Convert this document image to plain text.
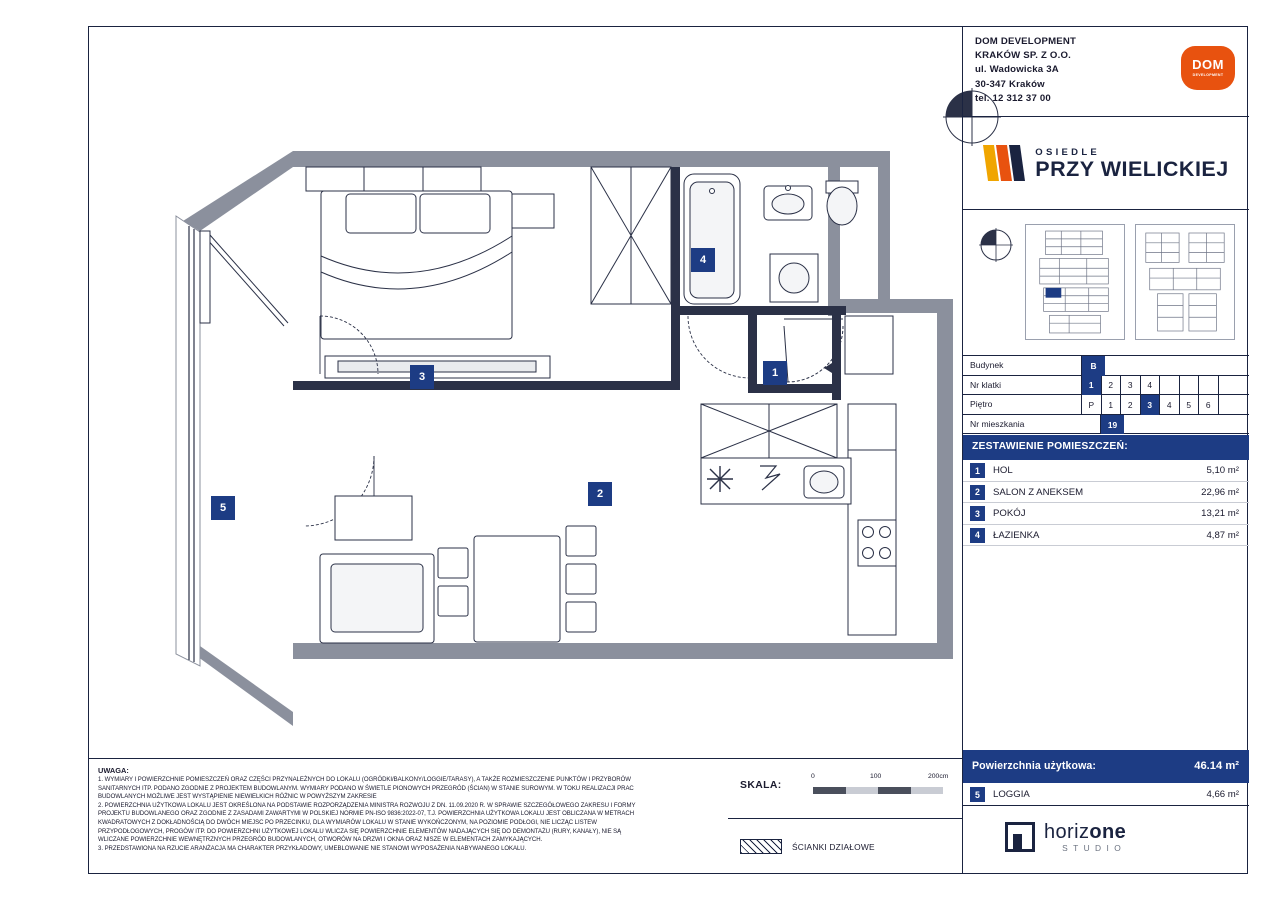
4
1
3
2
5
DOM DEVELOPMENT
KRAKÓW SP. Z O.O.
ul. Wadowicka 3A
30-347 Kraków
tel. 12 312 37 00
DOM
DEVELOPMENT
OSIEDLE
PRZY WIELICKIEJ
Budynek	B
Nr klatki	1	2	3	4
Piętro	P	1	2	3	4	5	6
Nr mieszkania	19
ZESTAWIENIE POMIESZCZEŃ:
1	HOL	5,10 m²
2	SALON Z ANEKSEM	22,96 m²
3	POKÓJ	13,21 m²
4	ŁAZIENKA	4,87 m²
Powierzchnia użytkowa:	46.14 m²
5	LOGGIA	4,66 m²
horizone
STUDIO
UWAGA:
1. WYMIARY I POWIERZCHNIE POMIESZCZEŃ ORAZ CZĘŚCI PRZYNALEŻNYCH DO LOKALU (OGRÓDKI/BALKONY/LOGGIE/TARASY), A TAKŻE ROZMIESZCZENIE PUNKTÓW I PRZYBORÓW
SANITARNYCH ITP. PODANO ZGODNIE Z PROJEKTEM BUDOWLANYM. WYMIARY PODANO W ŚWIETLE PIONOWYCH PRZEGRÓD (ŚCIAN) W STANIE SUROWYM. W TOKU REALIZACJI PRAC
BUDOWLANYCH MOŻLIWE JEST WYSTĄPIENIE NIEWIELKICH RÓŻNIC W POWYŻSZYM ZAKRESIE
2. POWIERZCHNIA UŻYTKOWA LOKALU JEST OKREŚLONA NA PODSTAWIE ROZPORZĄDZENIA MINISTRA ROZWOJU Z DN. 11.09.2020 R. W SPRAWIE SZCZEGÓŁOWEGO ZAKRESU I FORMY
PROJEKTU BUDOWLANEGO ORAZ ZGODNIE Z ZASADAMI ZAWARTYMI W POLSKIEJ NORMIE PN-ISO 9836:2022-07, T.J. POWIERZCHNIA UŻYTKOWA LOKALU JEST OBLICZANA W METRACH
KWADRATOWYCH Z DOKŁADNOŚCIĄ DO DWÓCH MIEJSC PO PRZECINKU, DLA WYMIARÓW LOKALU W STANIE WYKOŃCZONYM, NA POZIOMIE PODŁOGI, NIE LICZĄC LISTEW
PRZYPODŁOGOWYCH, PROGÓW ITP. DO POWIERZCHNI UŻYTKOWEJ LOKALU WLICZA SIĘ POWIERZCHNIE ELEMENTÓW NADAJĄCYCH SIĘ DO DEMONTAŻU (RURY, KANAŁY), NIE SĄ
WLICZANE POWIERZCHNIE WEWNĘTRZNYCH PRZEGRÓD BUDOWLANYCH, OTWORÓW NA DRZWI I OKNA ORAZ NISZE W ELEMENTACH ZAMYKAJĄCYCH.
3. PRZEDSTAWIONA NA RZUCIE ARANŻACJA MA CHARAKTER PRZYKŁADOWY, UMEBLOWANIE NIE STANOWI WYPOSAŻENIA NABYWANEGO LOKALU.
SKALA:
0	100	200cm
ŚCIANKI DZIAŁOWE
